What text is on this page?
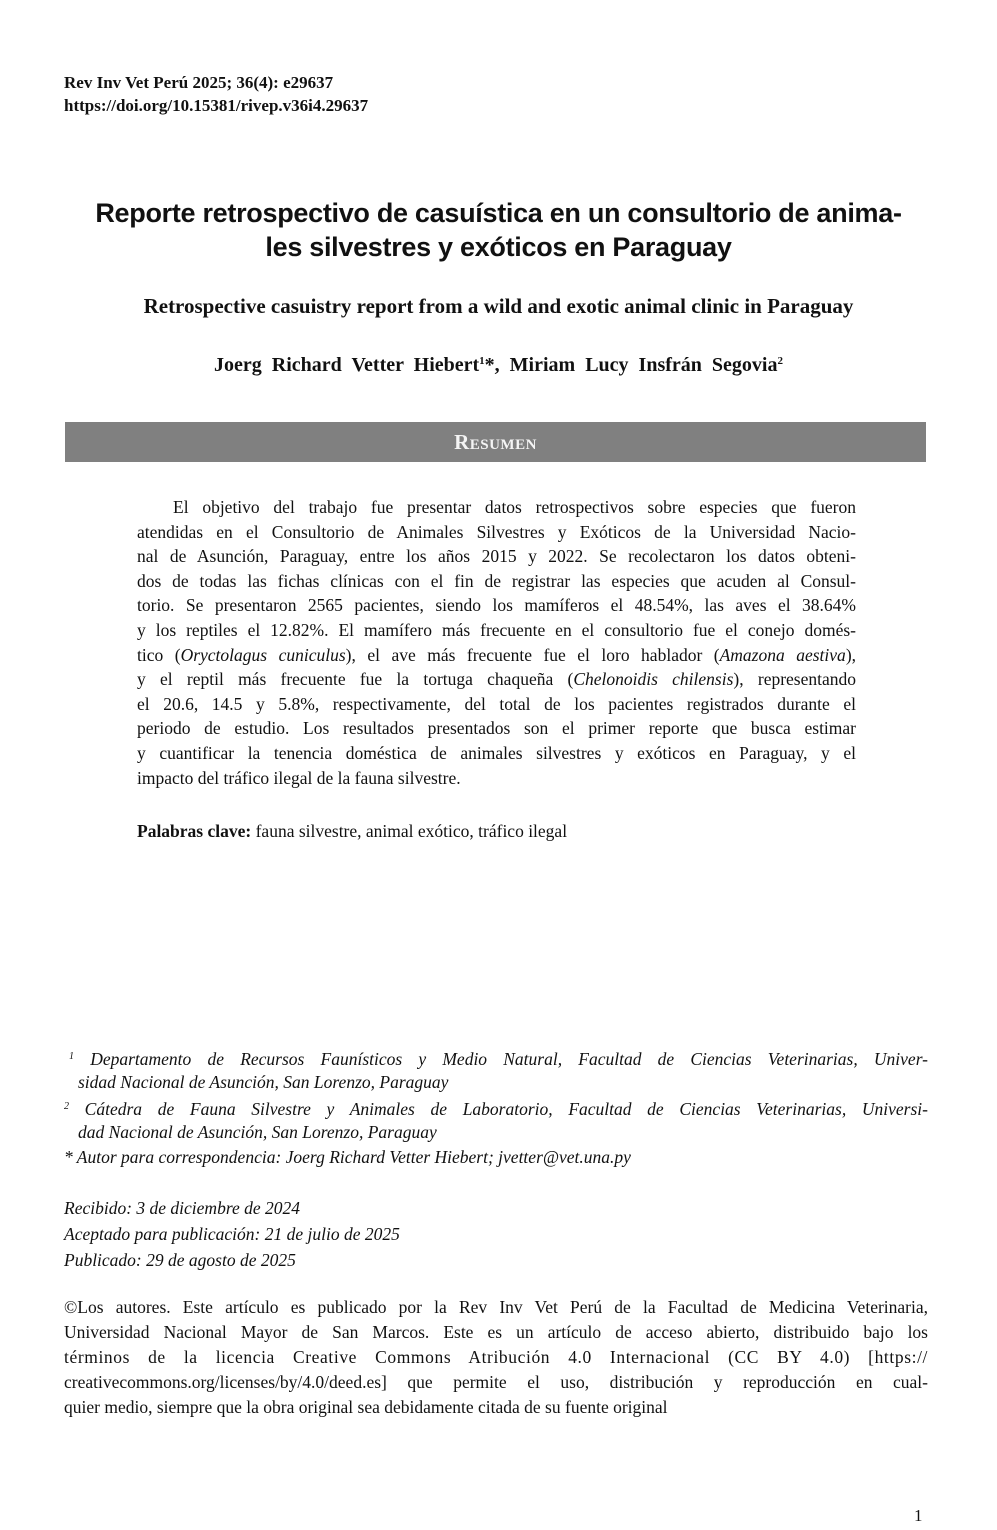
Rev Inv Vet Perú 2025; 36(4): e29637
https://doi.org/10.15381/rivep.v36i4.29637
Reporte retrospectivo de casuística en un consultorio de anima-
les silvestres y exóticos en Paraguay
Retrospective casuistry report from a wild and exotic animal clinic in Paraguay
Joerg Richard Vetter Hiebert$^1$*, Miriam Lucy Insfrán Segovia$^2$
Resumen
El objetivo del trabajo fue presentar datos retrospectivos sobre especies que fueron
atendidas en el Consultorio de Animales Silvestres y Exóticos de la Universidad Nacio-
nal de Asunción, Paraguay, entre los años 2015 y 2022. Se recolectaron los datos obteni-
dos de todas las fichas clínicas con el fin de registrar las especies que acuden al Consul-
torio. Se presentaron 2565 pacientes, siendo los mamíferos el 48.54%, las aves el 38.64%
y los reptiles el 12.82%. El mamífero más frecuente en el consultorio fue el conejo domés-
tico (Oryctolagus cuniculus), el ave más frecuente fue el loro hablador (Amazona aestiva),
y el reptil más frecuente fue la tortuga chaqueña (Chelonoidis chilensis), representando
el 20.6, 14.5 y 5.8%, respectivamente, del total de los pacientes registrados durante el
periodo de estudio. Los resultados presentados son el primer reporte que busca estimar
y cuantificar la tenencia doméstica de animales silvestres y exóticos en Paraguay, y el
impacto del tráfico ilegal de la fauna silvestre.
Palabras clave: fauna silvestre, animal exótico, tráfico ilegal
$^1$ Departamento de Recursos Faunísticos y Medio Natural, Facultad de Ciencias Veterinarias, Univer-
sidad Nacional de Asunción, San Lorenzo, Paraguay
$^2$ Cátedra de Fauna Silvestre y Animales de Laboratorio, Facultad de Ciencias Veterinarias, Universi-
dad Nacional de Asunción, San Lorenzo, Paraguay
* Autor para correspondencia: Joerg Richard Vetter Hiebert; jvetter@vet.una.py
Recibido: 3 de diciembre de 2024
Aceptado para publicación: 21 de julio de 2025
Publicado: 29 de agosto de 2025
©Los autores. Este artículo es publicado por la Rev Inv Vet Perú de la Facultad de Medicina Veterinaria,
Universidad Nacional Mayor de San Marcos. Este es un artículo de acceso abierto, distribuido bajo los
términos de la licencia Creative Commons Atribución 4.0 Internacional (CC BY 4.0) [https://
creativecommons.org/licenses/by/4.0/deed.es] que permite el uso, distribución y reproducción en cual-
quier medio, siempre que la obra original sea debidamente citada de su fuente original
1
